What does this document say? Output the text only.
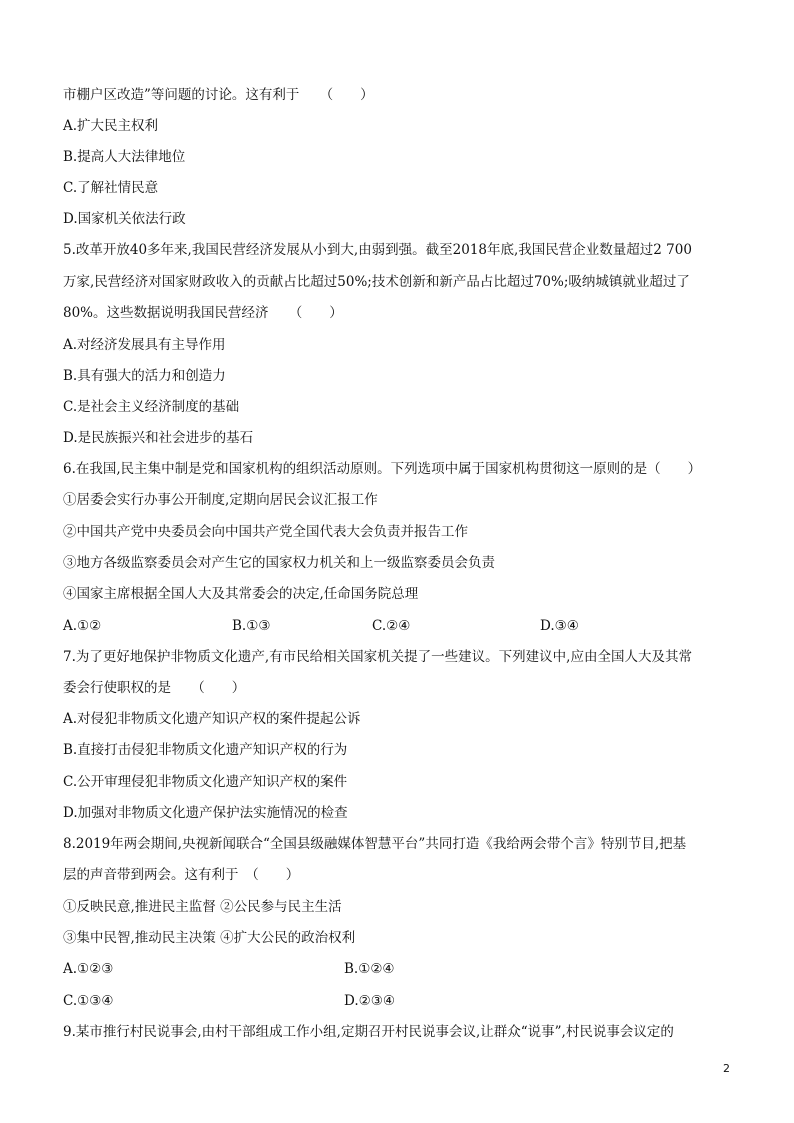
市棚户区改造”等问题的讨论。这有利于　　（　　）
A.扩大民主权利
B.提高人大法律地位
C.了解社情民意
D.国家机关依法行政
5.改革开放40多年来,我国民营经济发展从小到大,由弱到强。截至2018年底,我国民营企业数量超过2 700
万家,民营经济对国家财政收入的贡献占比超过50%;技术创新和新产品占比超过70%;吸纳城镇就业超过了
80%。这些数据说明我国民营经济　　（　　）
A.对经济发展具有主导作用
B.具有强大的活力和创造力
C.是社会主义经济制度的基础
D.是民族振兴和社会进步的基石
6.在我国,民主集中制是党和国家机构的组织活动原则。下列选项中属于国家机构贯彻这一原则的是（　　）
①居委会实行办事公开制度,定期向居民会议汇报工作
②中国共产党中央委员会向中国共产党全国代表大会负责并报告工作
③地方各级监察委员会对产生它的国家权力机关和上一级监察委员会负责
④国家主席根据全国人大及其常委会的决定,任命国务院总理
A.①②	B.①③	C.②④	D.③④
7.为了更好地保护非物质文化遗产,有市民给相关国家机关提了一些建议。下列建议中,应由全国人大及其常
委会行使职权的是　　（　　）
A.对侵犯非物质文化遗产知识产权的案件提起公诉
B.直接打击侵犯非物质文化遗产知识产权的行为
C.公开审理侵犯非物质文化遗产知识产权的案件
D.加强对非物质文化遗产保护法实施情况的检查
8.2019年两会期间,央视新闻联合“全国县级融媒体智慧平台”共同打造《我给两会带个言》特别节目,把基
层的声音带到两会。这有利于　（　　）
①反映民意,推进民主监督 ②公民参与民主生活
③集中民智,推动民主决策 ④扩大公民的政治权利
A.①②③	B.①②④
C.①③④	D.②③④
9.某市推行村民说事会,由村干部组成工作小组,定期召开村民说事会议,让群众“说事”,村民说事会议定的
2
